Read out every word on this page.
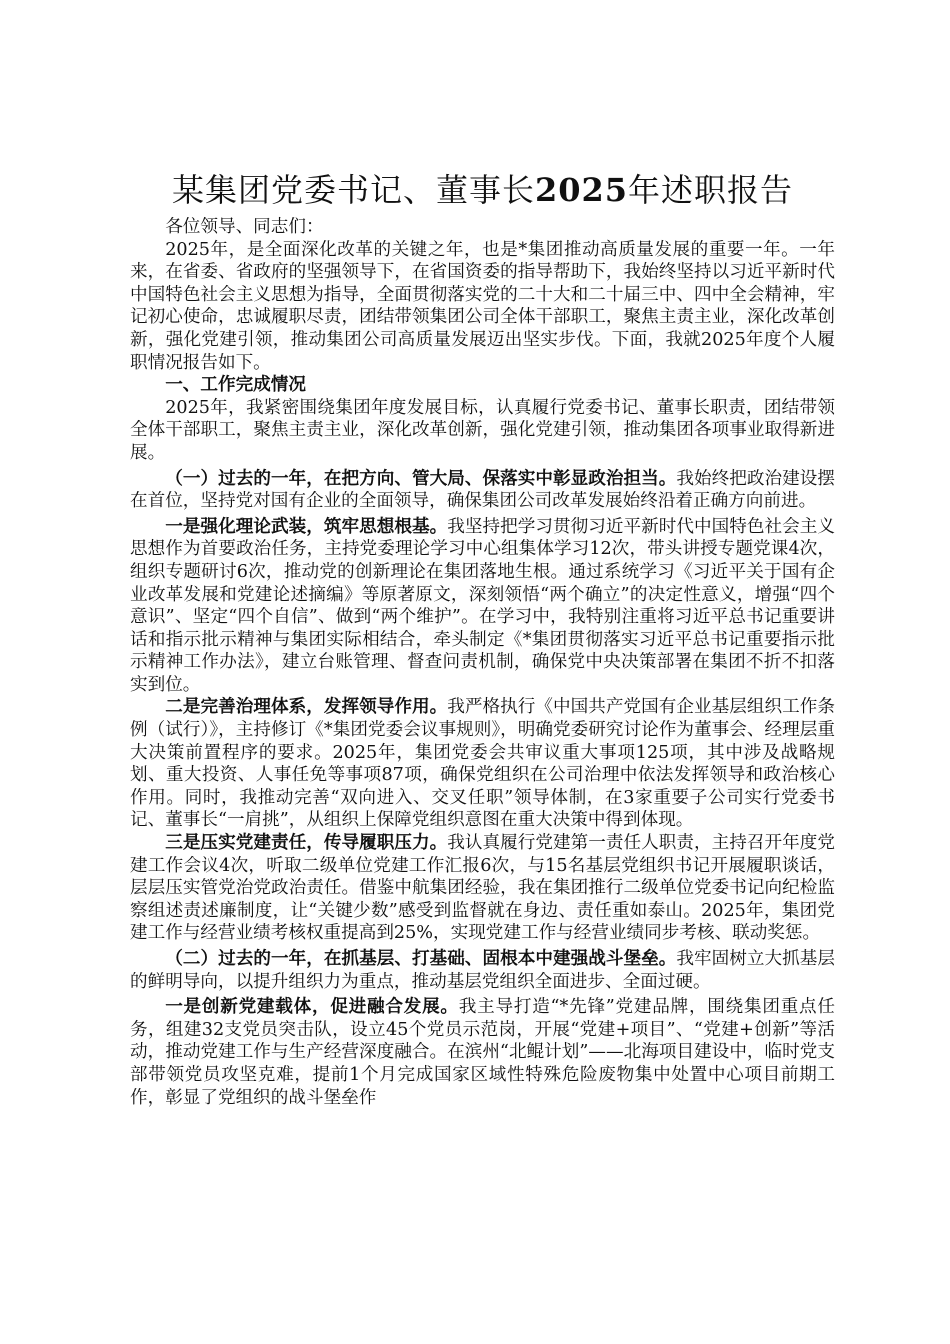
某集团党委书记、董事长2025年述职报告

各位领导、同志们：

2025年，是全面深化改革的关键之年，也是*集团推动高质量发展的重要一年。一年来，在省委、省政府的坚强领导下，在省国资委的指导帮助下，我始终坚持以习近平新时代中国特色社会主义思想为指导，全面贯彻落实党的二十大和二十届三中、四中全会精神，牢记初心使命，忠诚履职尽责，团结带领集团公司全体干部职工，聚焦主责主业，深化改革创新，强化党建引领，推动集团公司高质量发展迈出坚实步伐。下面，我就2025年度个人履职情况报告如下。

一、工作完成情况

2025年，我紧密围绕集团年度发展目标，认真履行党委书记、董事长职责，团结带领全体干部职工，聚焦主责主业，深化改革创新，强化党建引领，推动集团各项事业取得新进展。

（一）过去的一年，在把方向、管大局、保落实中彰显政治担当。我始终把政治建设摆在首位，坚持党对国有企业的全面领导，确保集团公司改革发展始终沿着正确方向前进。

一是强化理论武装，筑牢思想根基。我坚持把学习贯彻习近平新时代中国特色社会主义思想作为首要政治任务，主持党委理论学习中心组集体学习12次，带头讲授专题党课4次，组织专题研讨6次，推动党的创新理论在集团落地生根。通过系统学习《习近平关于国有企业改革发展和党建论述摘编》等原著原文，深刻领悟“两个确立”的决定性意义，增强“四个意识”、坚定“四个自信”、做到“两个维护”。在学习中，我特别注重将习近平总书记重要讲话和指示批示精神与集团实际相结合，牵头制定《*集团贯彻落实习近平总书记重要指示批示精神工作办法》，建立台账管理、督查问责机制，确保党中央决策部署在集团不折不扣落实到位。

二是完善治理体系，发挥领导作用。我严格执行《中国共产党国有企业基层组织工作条例（试行）》，主持修订《*集团党委会议事规则》，明确党委研究讨论作为董事会、经理层重大决策前置程序的要求。2025年，集团党委会共审议重大事项125项，其中涉及战略规划、重大投资、人事任免等事项87项，确保党组织在公司治理中依法发挥领导和政治核心作用。同时，我推动完善“双向进入、交叉任职”领导体制，在3家重要子公司实行党委书记、董事长“一肩挑”，从组织上保障党组织意图在重大决策中得到体现。

三是压实党建责任，传导履职压力。我认真履行党建第一责任人职责，主持召开年度党建工作会议4次，听取二级单位党建工作汇报6次，与15名基层党组织书记开展履职谈话，层层压实管党治党政治责任。借鉴中航集团经验，我在集团推行二级单位党委书记向纪检监察组述责述廉制度，让“关键少数”感受到监督就在身边、责任重如泰山。2025年，集团党建工作与经营业绩考核权重提高到25%，实现党建工作与经营业绩同步考核、联动奖惩。

（二）过去的一年，在抓基层、打基础、固根本中建强战斗堡垒。我牢固树立大抓基层的鲜明导向，以提升组织力为重点，推动基层党组织全面进步、全面过硬。

一是创新党建载体，促进融合发展。我主导打造“*先锋”党建品牌，围绕集团重点任务，组建32支党员突击队，设立45个党员示范岗，开展“党建+项目”、“党建+创新”等活动，推动党建工作与生产经营深度融合。在滨州“北鲲计划”——北海项目建设中，临时党支部带领党员攻坚克难，提前1个月完成国家区域性特殊危险废物集中处置中心项目前期工作，彰显了党组织的战斗堡垒作
